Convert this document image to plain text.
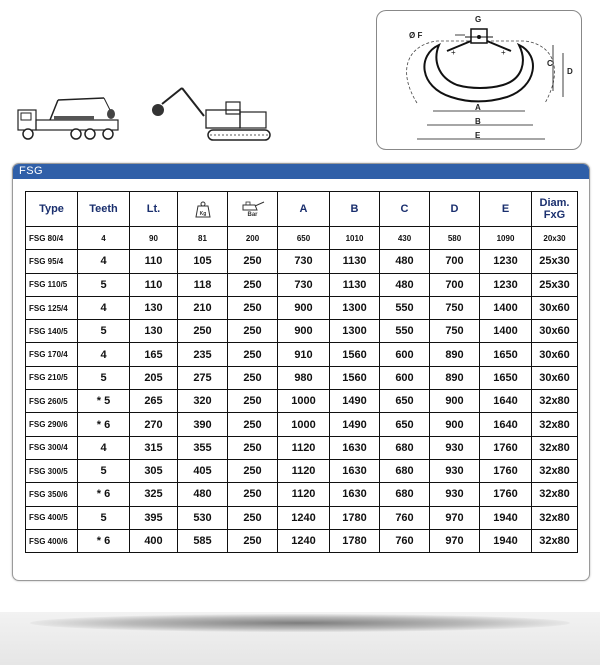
+	+
Ø F
G
C
D
A
B
E
FSG
Type	Teeth	Lt.	Kg	Bar	A	B	C	D	E	Diam.
FxG
FSG 80/4	4	90	81	200	650	1010	430	580	1090	20x30
FSG 95/4	4	110	105	250	730	1130	480	700	1230	25x30
FSG 110/5	5	110	118	250	730	1130	480	700	1230	25x30
FSG 125/4	4	130	210	250	900	1300	550	750	1400	30x60
FSG 140/5	5	130	250	250	900	1300	550	750	1400	30x60
FSG 170/4	4	165	235	250	910	1560	600	890	1650	30x60
FSG 210/5	5	205	275	250	980	1560	600	890	1650	30x60
FSG 260/5	* 5	265	320	250	1000	1490	650	900	1640	32x80
FSG 290/6	* 6	270	390	250	1000	1490	650	900	1640	32x80
FSG 300/4	4	315	355	250	1120	1630	680	930	1760	32x80
FSG 300/5	5	305	405	250	1120	1630	680	930	1760	32x80
FSG 350/6	* 6	325	480	250	1120	1630	680	930	1760	32x80
FSG 400/5	5	395	530	250	1240	1780	760	970	1940	32x80
FSG 400/6	* 6	400	585	250	1240	1780	760	970	1940	32x80
